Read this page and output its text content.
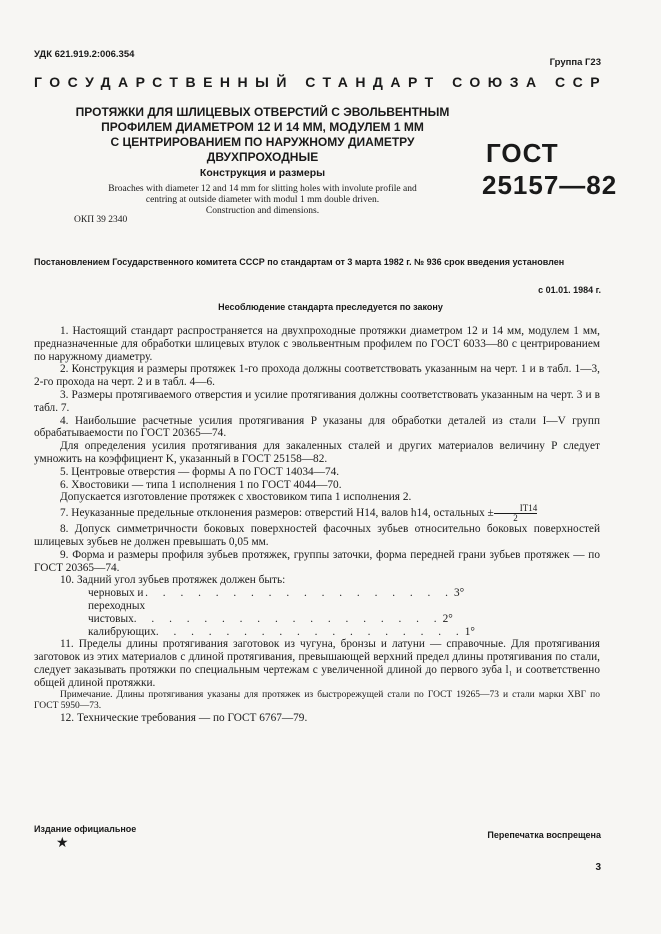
УДК 621.919.2:006.354
Группа Г23
ГОСУДАРСТВЕННЫЙ СТАНДАРТ СОЮЗА ССР
ПРОТЯЖКИ ДЛЯ ШЛИЦЕВЫХ ОТВЕРСТИЙ С ЭВОЛЬВЕНТНЫМ
ПРОФИЛЕМ ДИАМЕТРОМ 12 И 14 ММ, МОДУЛЕМ 1 ММ
С ЦЕНТРИРОВАНИЕМ ПО НАРУЖНОМУ ДИАМЕТРУ
ДВУХПРОХОДНЫЕ
Конструкция и размеры
Broaches with diameter 12 and 14 mm for slitting holes with involute profile and
centring at outside diameter with modul 1 mm double driven.
Construction and dimensions.
ГОСТ
25157—82
ОКП 39 2340
Постановлением Государственного комитета СССР по стандартам от 3 марта 1982 г. № 936 срок введения установлен
с 01.01. 1984 г.
Несоблюдение стандарта преследуется по закону

1. Настоящий стандарт распространяется на двухпроходные протяжки диаметром 12 и 14 мм, модулем 1 мм, предназначенные для обработки шлицевых втулок с эвольвентным профилем по ГОСТ 6033—80 с центрированием по наружному диаметру.

2. Конструкция и размеры протяжек 1-го прохода должны соответствовать указанным на черт. 1 и в табл. 1—3, 2-го прохода на черт. 2 и в табл. 4—6.

3. Размеры протягиваемого отверстия и усилие протягивания должны соответствовать указанным на черт. 3 и в табл. 7.

4. Наибольшие расчетные усилия протягивания P указаны для обработки деталей из стали I—V групп обрабатываемости по ГОСТ 20365—74.

Для определения усилия протягивания для закаленных сталей и других материалов величину P следует умножить на коэффициент K, указанный в ГОСТ 25158—82.

5. Центровые отверстия — формы А по ГОСТ 14034—74.

6. Хвостовики — типа 1 исполнения 1 по ГОСТ 4044—70.

Допускается изготовление протяжек с хвостовиком типа 1 исполнения 2.

7. Неуказанные предельные отклонения размеров: отверстий H14, валов h14, остальных ± $\frac{IT14}{2}$

8. Допуск симметричности боковых поверхностей фасочных зубьев относительно боковых поверхностей шлицевых зубьев не должен превышать 0,05 мм.

9. Форма и размеры профиля зубьев протяжек, группы заточки, форма передней грани зубьев протяжек — по ГОСТ 20365—74.

10. Задний угол зубьев протяжек должен быть:

черновых и переходных
. . . . . . . . . . . . . . . . . . 3°
чистовых . . . . . . . . . . . . . . . . . . 2°
калибрующих . . . . . . . . . . . . . . . . . . 1°

11. Пределы длины протягивания заготовок из чугуна, бронзы и латуни — справочные. Для протягивания заготовок из этих материалов с длиной протягивания, превышающей верхний предел длины протягивания по стали, следует заказывать протяжки по специальным чертежам с увеличенной длиной до первого зуба l₁ и соответственно общей длиной протяжки.

Примечание. Длины протягивания указаны для протяжек из быстрорежущей стали по ГОСТ 19265—73 и стали марки ХВГ по ГОСТ 5950—73.

12. Технические требования — по ГОСТ 6767—79.

Издание официальное
★
Перепечатка воспрещена
3
